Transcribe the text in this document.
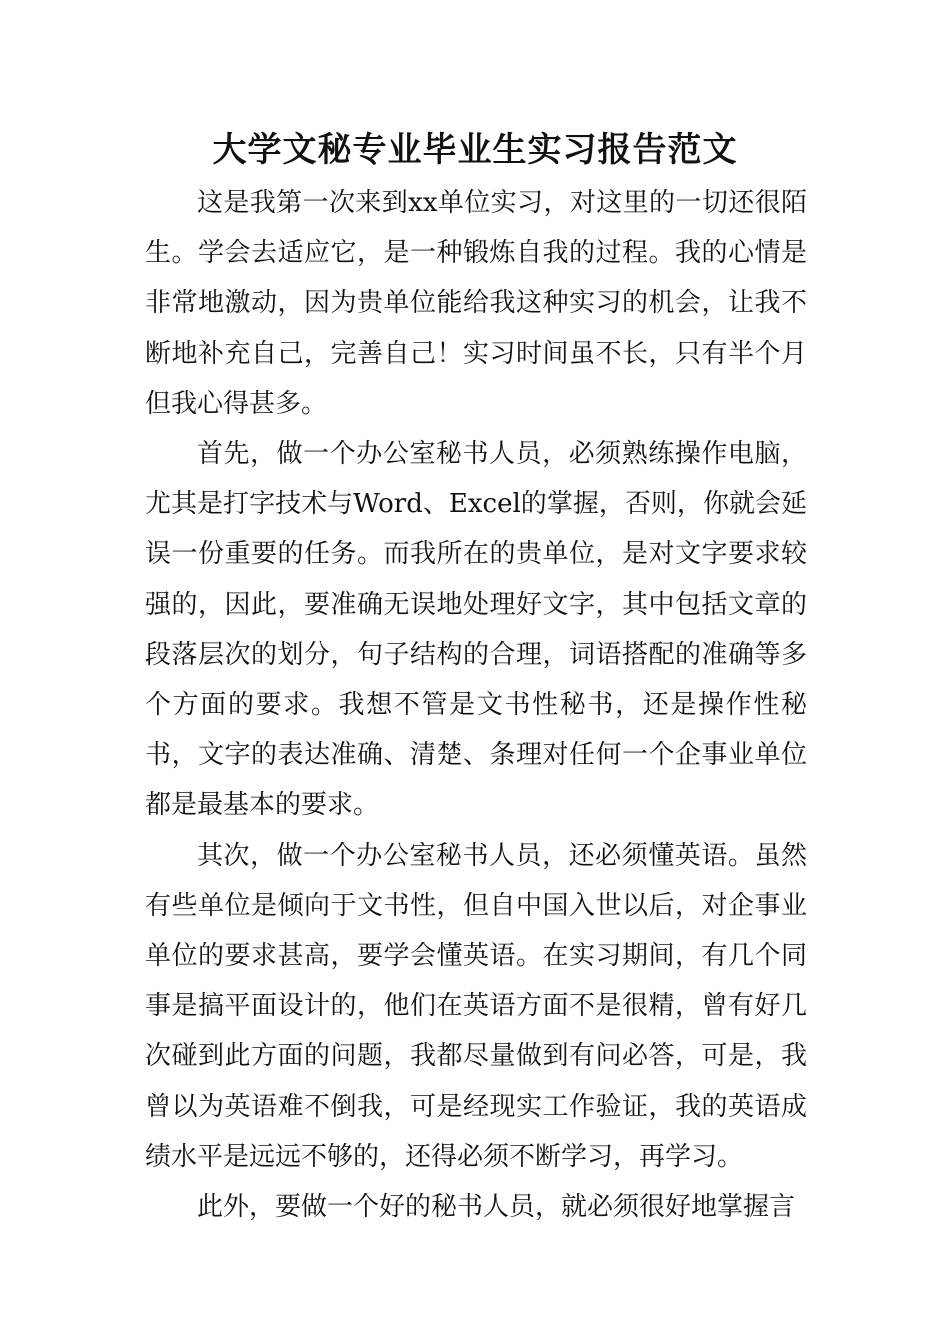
大学文秘专业毕业生实习报告范文

这是我第一次来到xx单位实习，对这里的一切还很陌生。学会去适应它，是一种锻炼自我的过程。我的心情是非常地激动，因为贵单位能给我这种实习的机会，让我不断地补充自己，完善自己！实习时间虽不长，只有半个月但我心得甚多。

首先，做一个办公室秘书人员，必须熟练操作电脑，尤其是打字技术与Word、Excel的掌握，否则，你就会延误一份重要的任务。而我所在的贵单位，是对文字要求较强的，因此，要准确无误地处理好文字，其中包括文章的段落层次的划分，句子结构的合理，词语搭配的准确等多个方面的要求。我想不管是文书性秘书，还是操作性秘书，文字的表达准确、清楚、条理对任何一个企事业单位都是最基本的要求。

其次，做一个办公室秘书人员，还必须懂英语。虽然有些单位是倾向于文书性，但自中国入世以后，对企事业单位的要求甚高，要学会懂英语。在实习期间，有几个同事是搞平面设计的，他们在英语方面不是很精，曾有好几次碰到此方面的问题，我都尽量做到有问必答，可是，我曾以为英语难不倒我，可是经现实工作验证，我的英语成绩水平是远远不够的，还得必须不断学习，再学习。

此外，要做一个好的秘书人员，就必须很好地掌握言
